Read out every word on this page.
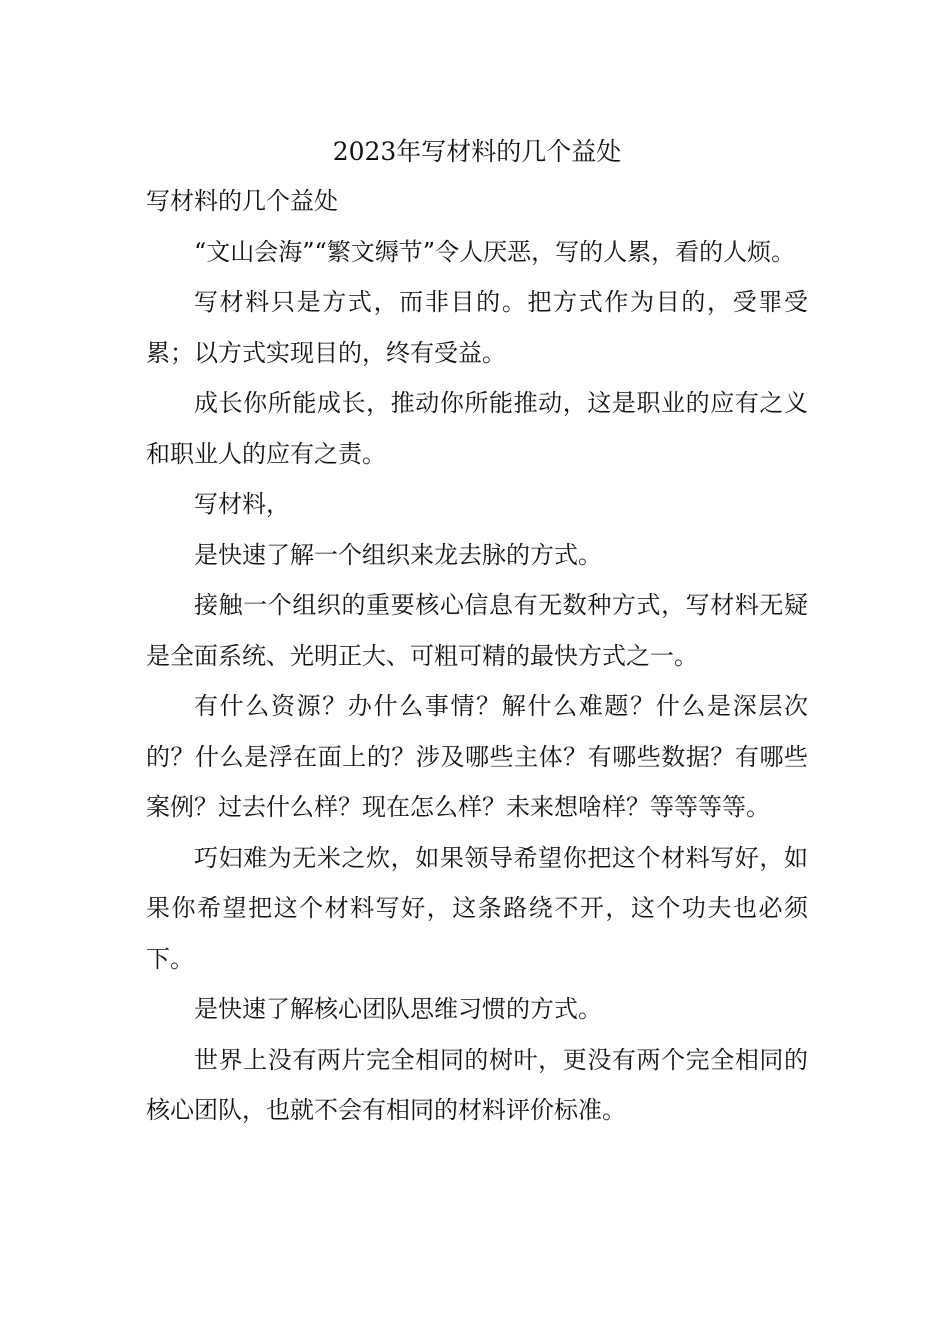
2023年写材料的几个益处

写材料的几个益处

“文山会海”“繁文缛节”令人厌恶，写的人累，看的人烦。

写材料只是方式，而非目的。把方式作为目的，受罪受累；以方式实现目的，终有受益。

成长你所能成长，推动你所能推动，这是职业的应有之义和职业人的应有之责。

写材料，

是快速了解一个组织来龙去脉的方式。

接触一个组织的重要核心信息有无数种方式，写材料无疑是全面系统、光明正大、可粗可精的最快方式之一。

有什么资源？办什么事情？解什么难题？什么是深层次的？什么是浮在面上的？涉及哪些主体？有哪些数据？有哪些案例？过去什么样？现在怎么样？未来想啥样？等等等等。

巧妇难为无米之炊，如果领导希望你把这个材料写好，如果你希望把这个材料写好，这条路绕不开，这个功夫也必须下。

是快速了解核心团队思维习惯的方式。

世界上没有两片完全相同的树叶，更没有两个完全相同的核心团队，也就不会有相同的材料评价标准。
